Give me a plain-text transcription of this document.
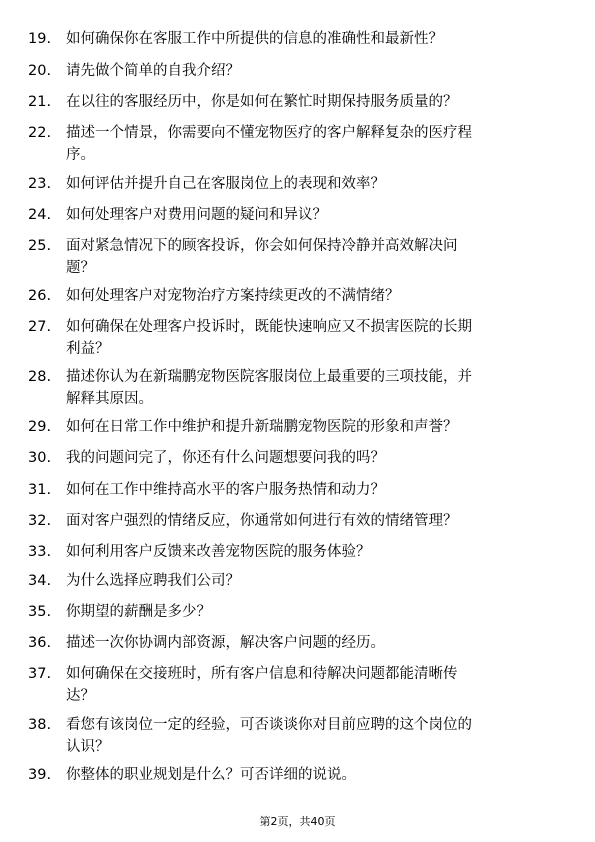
19.	如何确保你在客服工作中所提供的信息的准确性和最新性？
20.	请先做个简单的自我介绍？
21.	在以往的客服经历中，你是如何在繁忙时期保持服务质量的？
22.	描述一个情景，你需要向不懂宠物医疗的客户解释复杂的医疗程
序。
23.	如何评估并提升自己在客服岗位上的表现和效率？
24.	如何处理客户对费用问题的疑问和异议？
25.	面对紧急情况下的顾客投诉，你会如何保持冷静并高效解决问
题？
26.	如何处理客户对宠物治疗方案持续更改的不满情绪？
27.	如何确保在处理客户投诉时，既能快速响应又不损害医院的长期
利益？
28.	描述你认为在新瑞鹏宠物医院客服岗位上最重要的三项技能，并
解释其原因。
29.	如何在日常工作中维护和提升新瑞鹏宠物医院的形象和声誉？
30.	我的问题问完了，你还有什么问题想要问我的吗？
31.	如何在工作中维持高水平的客户服务热情和动力？
32.	面对客户强烈的情绪反应，你通常如何进行有效的情绪管理？
33.	如何利用客户反馈来改善宠物医院的服务体验？
34.	为什么选择应聘我们公司？
35.	你期望的薪酬是多少？
36.	描述一次你协调内部资源，解决客户问题的经历。
37.	如何确保在交接班时，所有客户信息和待解决问题都能清晰传
达？
38.	看您有该岗位一定的经验，可否谈谈你对目前应聘的这个岗位的
认识？
39.	你整体的职业规划是什么？可否详细的说说。
第2页，共40页
